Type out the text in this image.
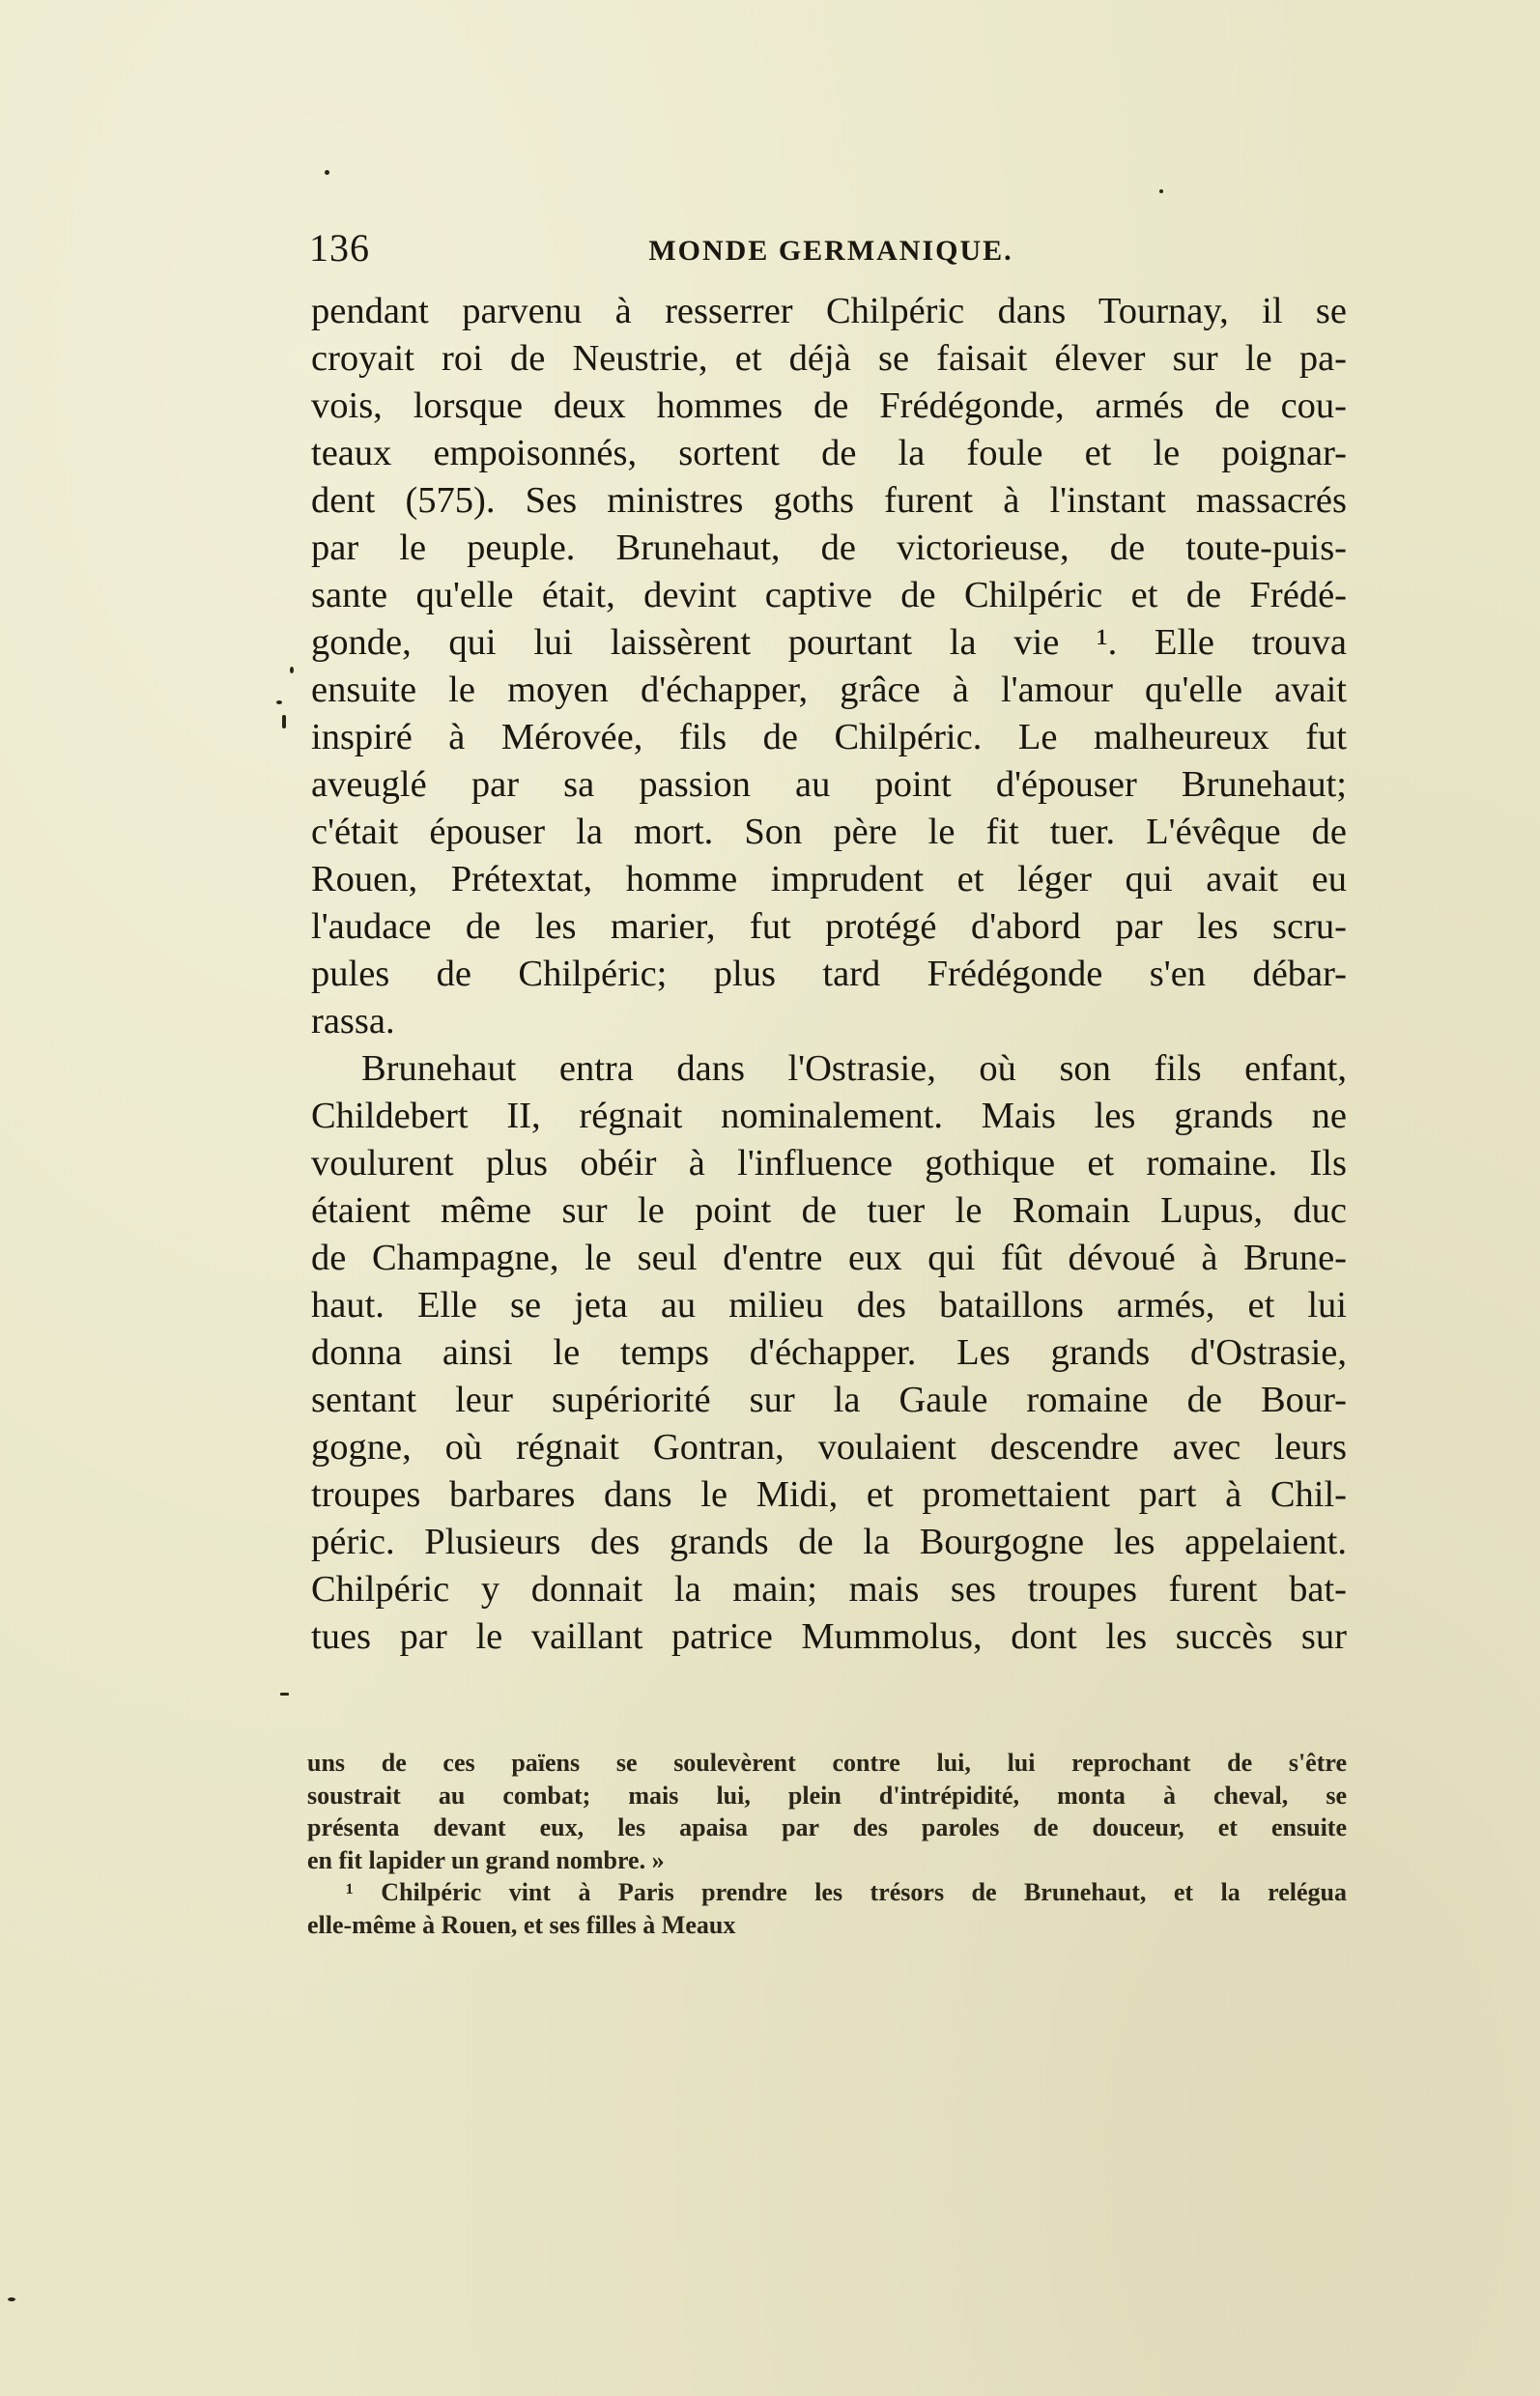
136	MONDE GERMANIQUE.
pendant parvenu à resserrer Chilpéric dans Tournay, il se
croyait roi de Neustrie, et déjà se faisait élever sur le pa-
vois, lorsque deux hommes de Frédégonde, armés de cou-
teaux empoisonnés, sortent de la foule et le poignar-
dent (575). Ses ministres goths furent à l'instant massacrés
par le peuple. Brunehaut, de victorieuse, de toute-puis-
sante qu'elle était, devint captive de Chilpéric et de Frédé-
gonde, qui lui laissèrent pourtant la vie ¹. Elle trouva
ensuite le moyen d'échapper, grâce à l'amour qu'elle avait
inspiré à Mérovée, fils de Chilpéric. Le malheureux fut
aveuglé par sa passion au point d'épouser Brunehaut;
c'était épouser la mort. Son père le fit tuer. L'évêque de
Rouen, Prétextat, homme imprudent et léger qui avait eu
l'audace de les marier, fut protégé d'abord par les scru-
pules de Chilpéric; plus tard Frédégonde s'en débar-
rassa.
Brunehaut entra dans l'Ostrasie, où son fils enfant,
Childebert II, régnait nominalement. Mais les grands ne
voulurent plus obéir à l'influence gothique et romaine. Ils
étaient même sur le point de tuer le Romain Lupus, duc
de Champagne, le seul d'entre eux qui fût dévoué à Brune-
haut. Elle se jeta au milieu des bataillons armés, et lui
donna ainsi le temps d'échapper. Les grands d'Ostrasie,
sentant leur supériorité sur la Gaule romaine de Bour-
gogne, où régnait Gontran, voulaient descendre avec leurs
troupes barbares dans le Midi, et promettaient part à Chil-
péric. Plusieurs des grands de la Bourgogne les appelaient.
Chilpéric y donnait la main; mais ses troupes furent bat-
tues par le vaillant patrice Mummolus, dont les succès sur
uns de ces païens se soulevèrent contre lui, lui reprochant de s'être
soustrait au combat; mais lui, plein d'intrépidité, monta à cheval, se
présenta devant eux, les apaisa par des paroles de douceur, et ensuite
en fit lapider un grand nombre. »
¹ Chilpéric vint à Paris prendre les trésors de Brunehaut, et la relégua
elle-même à Rouen, et ses filles à Meaux
